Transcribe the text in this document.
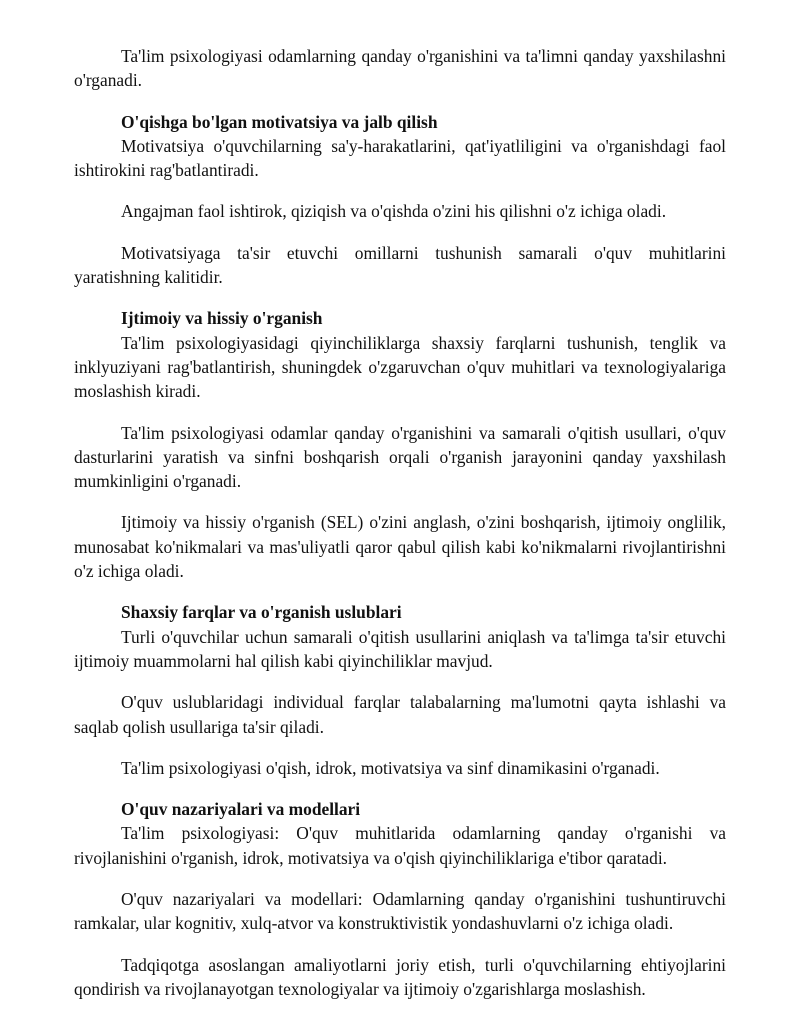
Ta'lim psixologiyasi odamlarning qanday o'rganishini va ta'limni qanday yaxshilashni o'rganadi.

O'qishga bo'lgan motivatsiya va jalb qilish

Motivatsiya o'quvchilarning sa'y-harakatlarini, qat'iyatliligini va o'rganishdagi faol ishtirokini rag'batlantiradi.

Angajman faol ishtirok, qiziqish va o'qishda o'zini his qilishni o'z ichiga oladi.

Motivatsiyaga ta'sir etuvchi omillarni tushunish samarali o'quv muhitlarini yaratishning kalitidir.

Ijtimoiy va hissiy o'rganish

Ta'lim psixologiyasidagi qiyinchiliklarga shaxsiy farqlarni tushunish, tenglik va inklyuziyani rag'batlantirish, shuningdek o'zgaruvchan o'quv muhitlari va texnologiyalariga moslashish kiradi.

Ta'lim psixologiyasi odamlar qanday o'rganishini va samarali o'qitish usullari, o'quv dasturlarini yaratish va sinfni boshqarish orqali o'rganish jarayonini qanday yaxshilash mumkinligini o'rganadi.

Ijtimoiy va hissiy o'rganish (SEL) o'zini anglash, o'zini boshqarish, ijtimoiy onglilik, munosabat ko'nikmalari va mas'uliyatli qaror qabul qilish kabi ko'nikmalarni rivojlantirishni o'z ichiga oladi.

Shaxsiy farqlar va o'rganish uslublari

Turli o'quvchilar uchun samarali o'qitish usullarini aniqlash va ta'limga ta'sir etuvchi ijtimoiy muammolarni hal qilish kabi qiyinchiliklar mavjud.

O'quv uslublaridagi individual farqlar talabalarning ma'lumotni qayta ishlashi va saqlab qolish usullariga ta'sir qiladi.

Ta'lim psixologiyasi o'qish, idrok, motivatsiya va sinf dinamikasini o'rganadi.

O'quv nazariyalari va modellari

Ta'lim psixologiyasi: O'quv muhitlarida odamlarning qanday o'rganishi va rivojlanishini o'rganish, idrok, motivatsiya va o'qish qiyinchiliklariga e'tibor qaratadi.

O'quv nazariyalari va modellari: Odamlarning qanday o'rganishini tushuntiruvchi ramkalar, ular kognitiv, xulq-atvor va konstruktivistik yondashuvlarni o'z ichiga oladi.

Tadqiqotga asoslangan amaliyotlarni joriy etish, turli o'quvchilarning ehtiyojlarini qondirish va rivojlanayotgan texnologiyalar va ijtimoiy o'zgarishlarga moslashish.
